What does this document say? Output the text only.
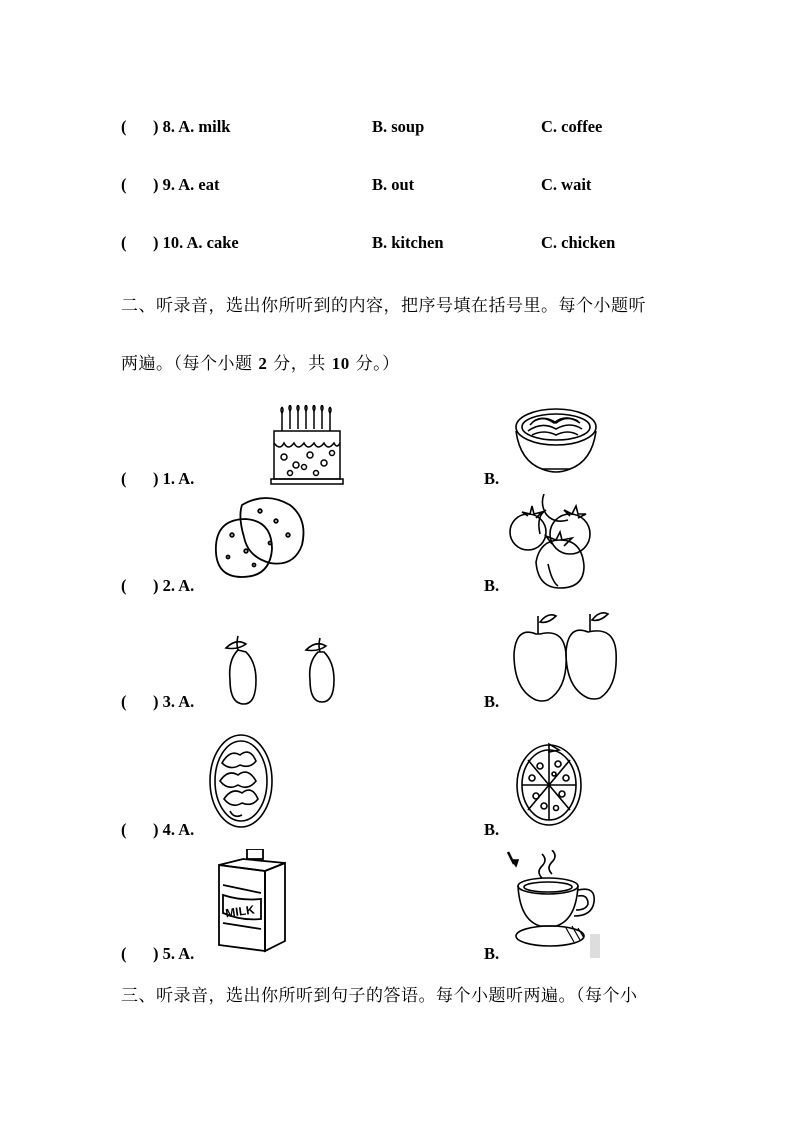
( ) 8. A. milk	B. soup	C. coffee
( ) 9. A. eat	B. out	C. wait
( ) 10. A. cake	B. kitchen	C. chicken
二、听录音，选出你所听到的内容，把序号填在括号里。每个小题听
两遍。（每个小题 2 分，共 10 分。）
( ) 1. A.	B.
( ) 2. A.	B.
( ) 3. A.	B.
( ) 4. A.	B.
( ) 5. A.	B.
MILK
三、听录音，选出你所听到句子的答语。每个小题听两遍。（每个小
